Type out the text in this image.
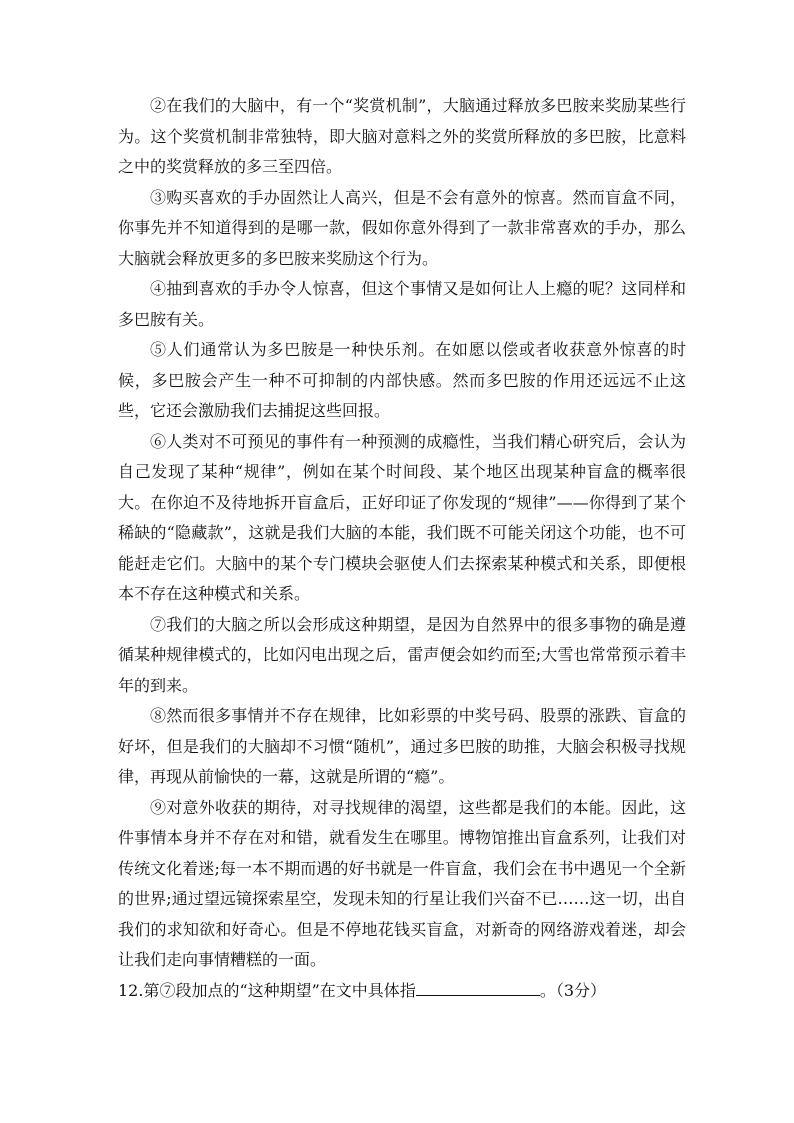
②在我们的大脑中，有一个“奖赏机制”，大脑通过释放多巴胺来奖励某些行为。这个奖赏机制非常独特，即大脑对意料之外的奖赏所释放的多巴胺，比意料之中的奖赏释放的多三至四倍。

③购买喜欢的手办固然让人高兴，但是不会有意外的惊喜。然而盲盒不同，你事先并不知道得到的是哪一款，假如你意外得到了一款非常喜欢的手办，那么大脑就会释放更多的多巴胺来奖励这个行为。

④抽到喜欢的手办令人惊喜，但这个事情又是如何让人上瘾的呢？这同样和多巴胺有关。

⑤人们通常认为多巴胺是一种快乐剂。在如愿以偿或者收获意外惊喜的时候，多巴胺会产生一种不可抑制的内部快感。然而多巴胺的作用还远远不止这些，它还会激励我们去捕捉这些回报。

⑥人类对不可预见的事件有一种预测的成瘾性，当我们精心研究后，会认为自己发现了某种“规律”，例如在某个时间段、某个地区出现某种盲盒的概率很大。在你迫不及待地拆开盲盒后，正好印证了你发现的“规律”——你得到了某个稀缺的“隐藏款”，这就是我们大脑的本能，我们既不可能关闭这个功能，也不可能赶走它们。大脑中的某个专门模块会驱使人们去探索某种模式和关系，即便根本不存在这种模式和关系。

⑦我们的大脑之所以会形成这种期望，是因为自然界中的很多事物的确是遵循某种规律模式的，比如闪电出现之后，雷声便会如约而至;大雪也常常预示着丰年的到来。

⑧然而很多事情并不存在规律，比如彩票的中奖号码、股票的涨跌、盲盒的好坏，但是我们的大脑却不习惯“随机”，通过多巴胺的助推，大脑会积极寻找规律，再现从前愉快的一幕，这就是所谓的“瘾”。

⑨对意外收获的期待，对寻找规律的渴望，这些都是我们的本能。因此，这件事情本身并不存在对和错，就看发生在哪里。博物馆推出盲盒系列，让我们对传统文化着迷;每一本不期而遇的好书就是一件盲盒，我们会在书中遇见一个全新的世界;通过望远镜探索星空，发现未知的行星让我们兴奋不已……这一切，出自我们的求知欲和好奇心。但是不停地花钱买盲盒，对新奇的网络游戏着迷，却会让我们走向事情糟糕的一面。

12.第⑦段加点的“这种期望”在文中具体指	。（3分）
